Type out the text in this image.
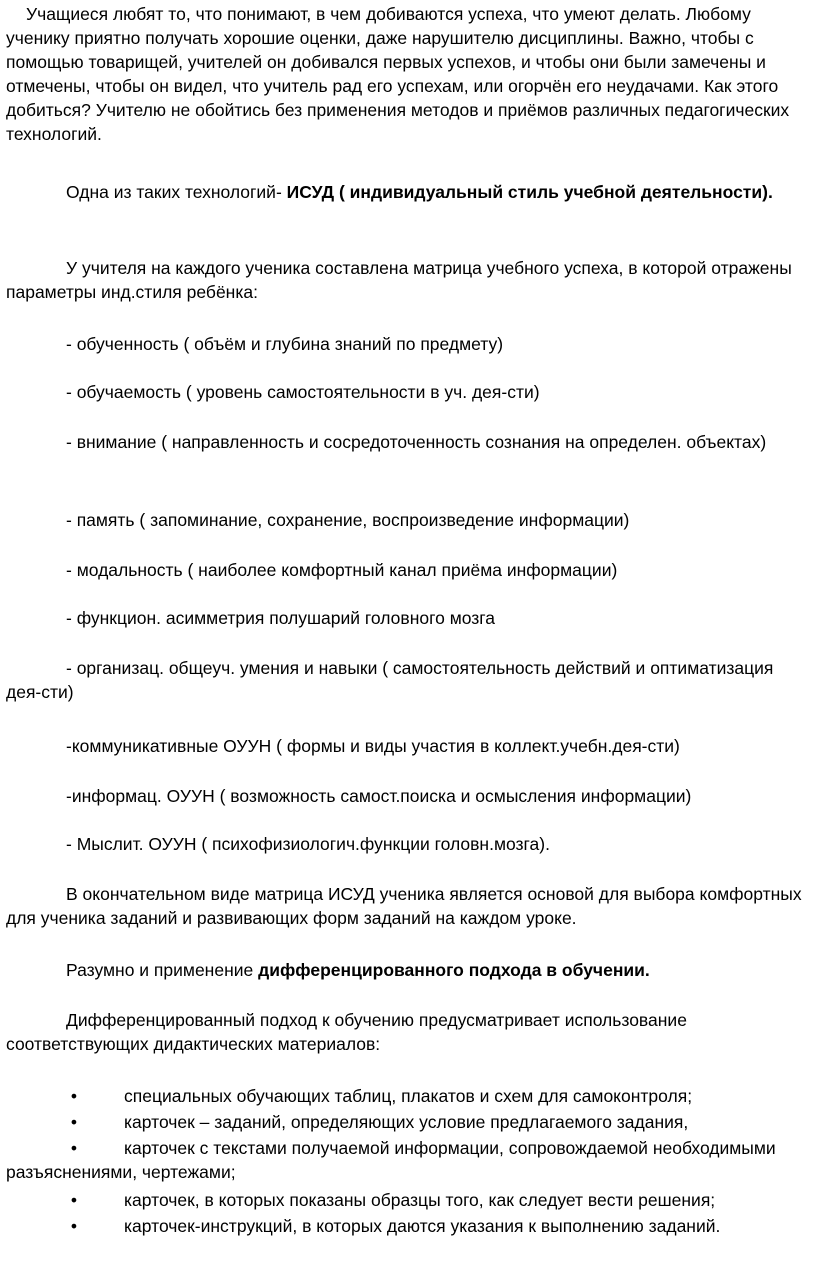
Учащиеся любят то, что понимают, в чем добиваются успеха, что умеют делать. Любому ученику приятно получать хорошие оценки, даже нарушителю дисциплины. Важно, чтобы с помощью товарищей, учителей он добивался первых успехов, и чтобы они были замечены и отмечены, чтобы он видел, что учитель рад его успехам, или огорчён его неудачами. Как этого добиться? Учителю не обойтись без применения методов и приёмов различных педагогических технологий.

Одна из таких технологий- ИСУД ( индивидуальный стиль учебной деятельности).

У учителя на каждого ученика составлена матрица учебного успеха, в которой отражены параметры инд.стиля ребёнка:

- обученность ( объём и глубина знаний по предмету)

- обучаемость ( уровень самостоятельности в уч. дея-сти)

- внимание ( направленность и сосредоточенность сознания на определен. объектах)

- память ( запоминание, сохранение, воспроизведение информации)

- модальность ( наиболее комфортный канал приёма информации)

- функцион. асимметрия полушарий головного мозга

- организац. общеуч. умения и навыки ( самостоятельность действий и оптиматизация дея-сти)

-коммуникативные ОУУН ( формы и виды участия в коллект.учебн.дея-сти)

-информац. ОУУН ( возможность самост.поиска и осмысления информации)

- Мыслит. ОУУН ( психофизиологич.функции головн.мозга).

В окончательном виде матрица ИСУД ученика является основой для выбора комфортных для ученика заданий и развивающих форм заданий на каждом уроке.

Разумно и применение дифференцированного подхода в обучении.

Дифференцированный подход к обучению предусматривает использование соответствующих дидактических материалов:

•	специальных обучающих таблиц, плакатов и схем для самоконтроля;
•	карточек – заданий, определяющих условие предлагаемого задания,
•	карточек с текстами получаемой информации, сопровождаемой необходимыми разъяснениями, чертежами;
•	карточек, в которых показаны образцы того, как следует вести решения;
•	карточек-инструкций, в которых даются указания к выполнению заданий.
